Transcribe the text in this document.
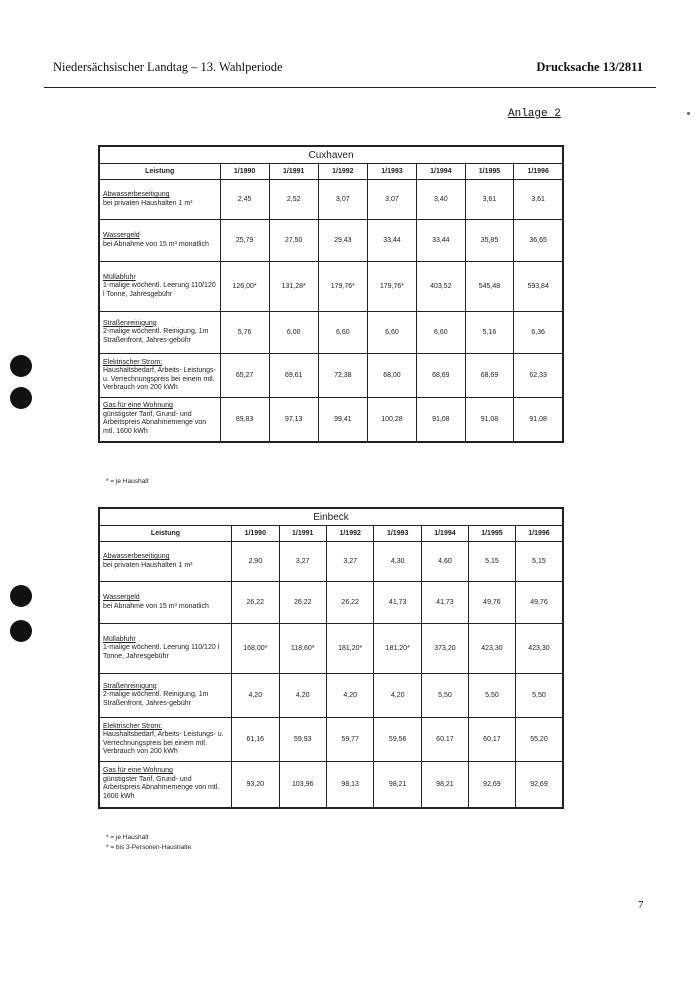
Niedersächsischer Landtag – 13. Wahlperiode	Drucksache 13/2811
Anlage 2
Cuxhaven							
Leistung	1/1990	1/1991	1/1992	1/1993	1/1994	1/1995	1/1996

Abwasserbeseitigung
bei privaten Haushalten 1 m³	2,45	2,52	3,07	3,07	3,40	3,61	3,61

Wassergeld
bei Abnahme von 15 m³ monatlich	25,79	27,50	29,43	33,44	33,44	35,85	36,65

Müllabfuhr
1-malige wöchentl. Leerung 110/120 l Tonne, Jahresgebühr	126,00*	131,28*	179,76*	179,76*	403,52	545,48	593,84

Straßenreinigung
2-malige wöchentl. Reinigung, 1m Straßenfront, Jahres-gebühr	5,76	6,00	6,60	6,60	6,60	5,16	6,36

Elektrischer Strom:
Haushaltsbedarf, Arbeits- Leistungs- u. Verrechnungspreis bei einem mtl. Verbrauch von 200 kWh	65,27	69,61	72,38	68,00	68,69	68,69	62,33

Gas für eine Wohnung
günstigster Tarif, Grund- und Arbeitspreis Abnahmemenge von mtl. 1600 kWh	89,83	97,13	99,41	100,28	91,08	91,08	91,08
* = je Haushalt
Einbeck							
Leistung	1/1990	1/1991	1/1992	1/1993	1/1994	1/1995	1/1996

Abwasserbeseitigung
bei privaten Haushalten 1 m³	2,90	3,27	3,27	4,30	4,60	5,15	5,15

Wassergeld
bei Abnahme von 15 m³ monatlich	26,22	26,22	26,22	41,73	41,73	49,76	49,76

Müllabfuhr
1-malige wöchentl. Leerung 110/120 l Tonne, Jahresgebühr	168,00*	118,60*	181,20*	181,20*	373,20	423,30	423,30

Straßenreinigung
2-malige wöchentl. Reinigung, 1m Straßenfront, Jahres-gebühr	4,20	4,20	4,20	4,20	5,50	5,50	5,50

Elektrischer Strom:
Haushaltsbedarf, Arbeits- Leistungs- u. Verrechnungspreis bei einem mtl. Verbrauch von 200 kWh	61,16	59,93	59,77	59,56	60,17	60,17	55,20

Gas für eine Wohnung
günstigster Tarif, Grund- und Arbeitspreis Abnahmemenge von mtl. 1600 kWh	93,20	103,96	98,13	98,21	98,21	92,69	92,69
* = je Haushalt
* = bis 3-Personen-Haushalte
7
